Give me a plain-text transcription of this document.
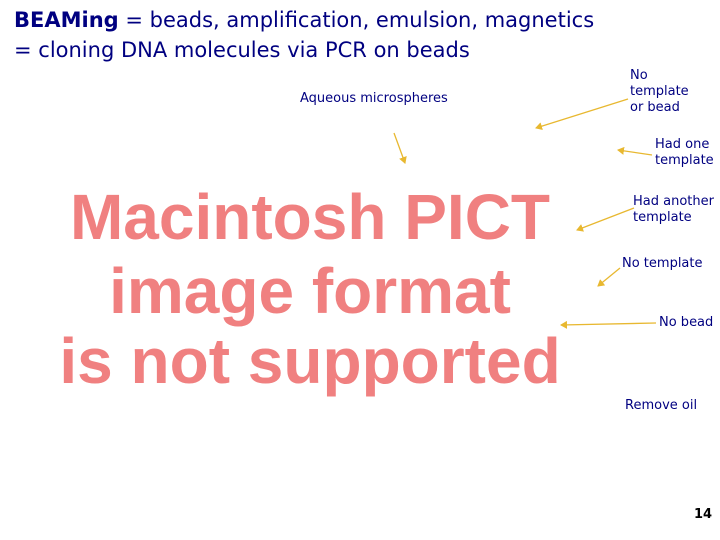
BEAMing = beads, amplification, emulsion, magnetics
= cloning DNA molecules via PCR on beads
Macintosh PICT
image format
is not supported
Aqueous microspheres
No
template
or bead
Had one
template
Had another
template
No template
No bead
Remove oil
14
